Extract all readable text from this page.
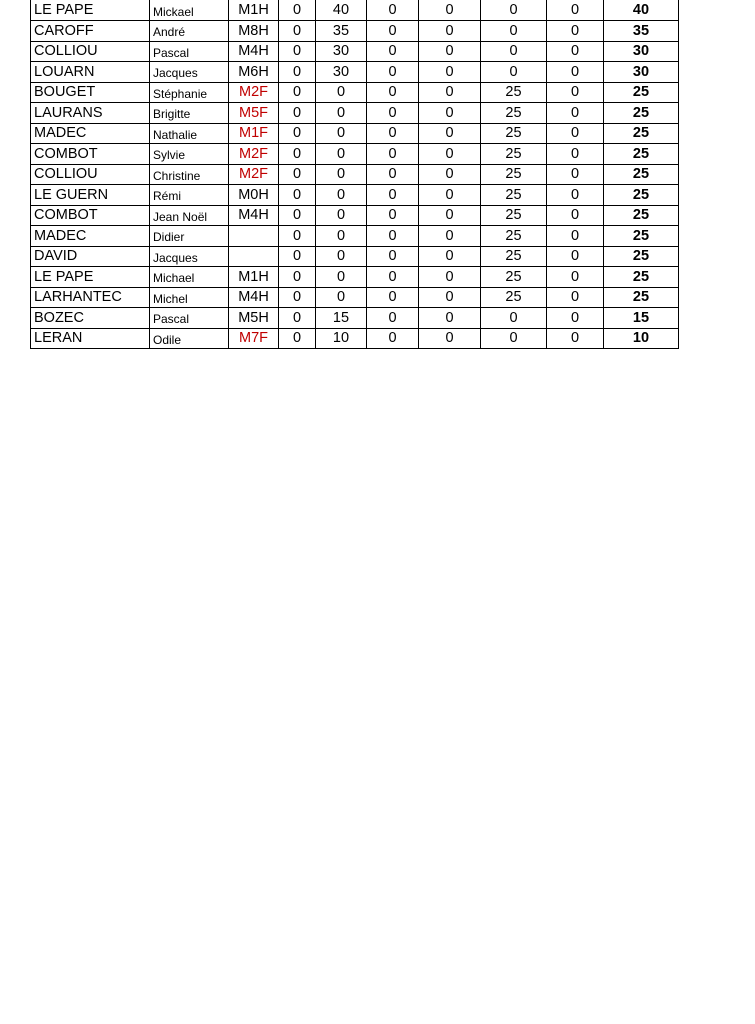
LE PAPE	Mickael	M1H	0	40	0	0	0	0	40
CAROFF	André	M8H	0	35	0	0	0	0	35
COLLIOU	Pascal	M4H	0	30	0	0	0	0	30
LOUARN	Jacques	M6H	0	30	0	0	0	0	30
BOUGET	Stéphanie	M2F	0	0	0	0	25	0	25
LAURANS	Brigitte	M5F	0	0	0	0	25	0	25
MADEC	Nathalie	M1F	0	0	0	0	25	0	25
COMBOT	Sylvie	M2F	0	0	0	0	25	0	25
COLLIOU	Christine	M2F	0	0	0	0	25	0	25
LE GUERN	Rémi	M0H	0	0	0	0	25	0	25
COMBOT	Jean Noël	M4H	0	0	0	0	25	0	25
MADEC	Didier		0	0	0	0	25	0	25
DAVID	Jacques		0	0	0	0	25	0	25
LE PAPE	Michael	M1H	0	0	0	0	25	0	25
LARHANTEC	Michel	M4H	0	0	0	0	25	0	25
BOZEC	Pascal	M5H	0	15	0	0	0	0	15
LERAN	Odile	M7F	0	10	0	0	0	0	10
